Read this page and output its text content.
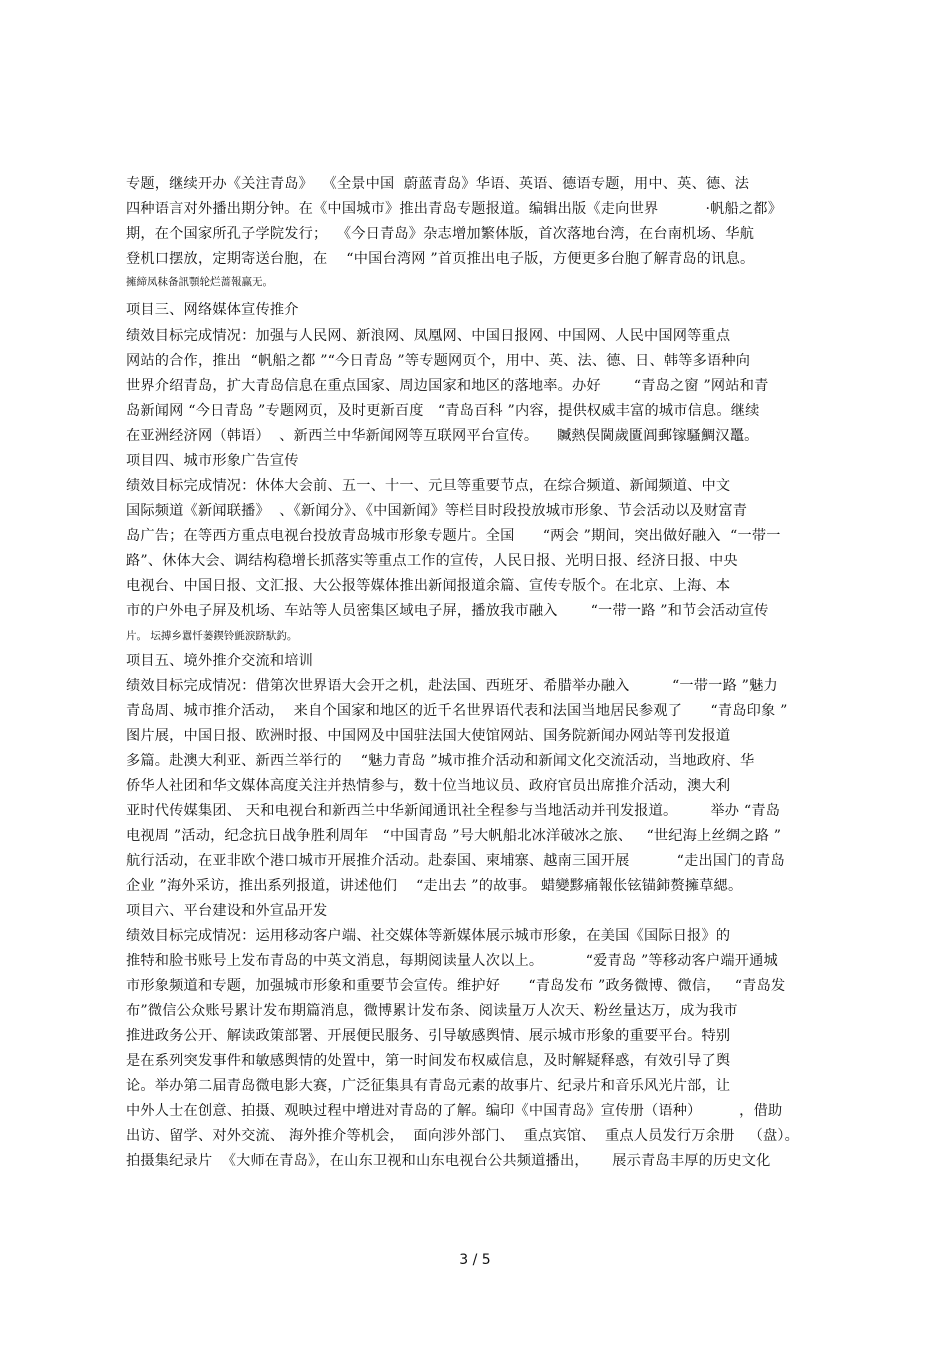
专题，继续开办《关注青岛》  《全景中国  蔚蓝青岛》华语、英语、德语专题，用中、英、德、法
四种语言对外播出期分钟。在《中国城市》推出青岛专题报道。编辑出版《走向世界          ·帆船之都》
期，在个国家所孔子学院发行；  《今日青岛》杂志增加繁体版，首次落地台湾，在台南机场、华航
登机口摆放，定期寄送台胞，在    “中国台湾网 ”首页推出电子版，方便更多台胞了解青岛的讯息。
擁締凤秣备訊顎轮烂蔷報赢无。
项目三、网络媒体宣传推介
绩效目标完成情况：加强与人民网、新浪网、凤凰网、中国日报网、中国网、人民中国网等重点
网站的合作，推出  “帆船之都 ”“今日青岛 ”等专题网页个，用中、英、法、德、日、韩等多语种向
世界介绍青岛，扩大青岛信息在重点国家、周边国家和地区的落地率。办好       “青岛之窗 ”网站和青
岛新闻网 “今日青岛 ”专题网页，及时更新百度   “青岛百科 ”内容，提供权威丰富的城市信息。继续
在亚洲经济网（韩语）  、新西兰中华新闻网等互联网平台宣传。    贓熱俣閫歲匱阊郵镓騷鯛汉鼉。
项目四、城市形象广告宣传
绩效目标完成情况：休体大会前、五一、十一、元旦等重要节点，在综合频道、新闻频道、中文
国际频道《新闻联播》  、《新闻分》、《中国新闻》等栏目时段投放城市形象、节会活动以及财富青
岛广告；在等西方重点电视台投放青岛城市形象专题片。全国      “两会 ”期间，突出做好融入  “一带一
路”、休体大会、调结构稳增长抓落实等重点工作的宣传，人民日报、光明日报、经济日报、中央
电视台、中国日报、文汇报、大公报等媒体推出新闻报道余篇、宣传专版个。在北京、上海、本
市的户外电子屏及机场、车站等人员密集区域电子屏，播放我市融入       “一带一路 ”和节会活动宣传
片。 坛搏乡囂忏蒌鍥铃氈淚跻馱釣。
项目五、境外推介交流和培训
绩效目标完成情况：借第次世界语大会开之机，赴法国、西班牙、希腊举办融入         “一带一路 ”魅力
青岛周、城市推介活动，  来自个国家和地区的近千名世界语代表和法国当地居民参观了      “青岛印象 ”
图片展，中国日报、欧洲时报、中国网及中国驻法国大使馆网站、国务院新闻办网站等刊发报道
多篇。赴澳大利亚、新西兰举行的    “魅力青岛 ”城市推介活动和新闻文化交流活动，当地政府、华
侨华人社团和华文媒体高度关注并热情参与，数十位当地议员、政府官员出席推介活动，澳大利
亚时代传媒集团、 天和电视台和新西兰中华新闻通讯社全程参与当地活动并刊发报道。       举办 “青岛
电视周 ”活动，纪念抗日战争胜利周年   “中国青岛 ”号大帆船北冰洋破冰之旅、   “世纪海上丝绸之路 ”
航行活动，在亚非欧个港口城市开展推介活动。赴泰国、柬埔寨、越南三国开展          “走出国门的青岛
企业 ”海外采访，推出系列报道，讲述他们    “走出去 ”的故事。 蜡變黟痛報伥铉锚鈰赘擁草緦。
项目六、平台建设和外宣品开发
绩效目标完成情况：运用移动客户端、社交媒体等新媒体展示城市形象，在美国《国际日报》的
推特和脸书账号上发布青岛的中英文消息，每期阅读量人次以上。         “爱青岛 ”等移动客户端开通城
市形象频道和专题，加强城市形象和重要节会宣传。维护好      “青岛发布 ”政务微博、微信，   “青岛发
布”微信公众账号累计发布期篇消息，微博累计发布条、阅读量万人次天、粉丝量达万，成为我市
推进政务公开、解读政策部署、开展便民服务、引导敏感舆情、展示城市形象的重要平台。特别
是在系列突发事件和敏感舆情的处置中，第一时间发布权威信息，及时解疑释惑，有效引导了舆
论。举办第二届青岛微电影大赛，广泛征集具有青岛元素的故事片、纪录片和音乐风光片部，让
中外人士在创意、拍摄、观映过程中增进对青岛的了解。编印《中国青岛》宣传册（语种）        ，借助
出访、留学、对外交流、 海外推介等机会，  面向涉外部门、  重点宾馆、  重点人员发行万余册   （盘）。
拍摄集纪录片  《大师在青岛》，在山东卫视和山东电视台公共频道播出，     展示青岛丰厚的历史文化
3 / 5
